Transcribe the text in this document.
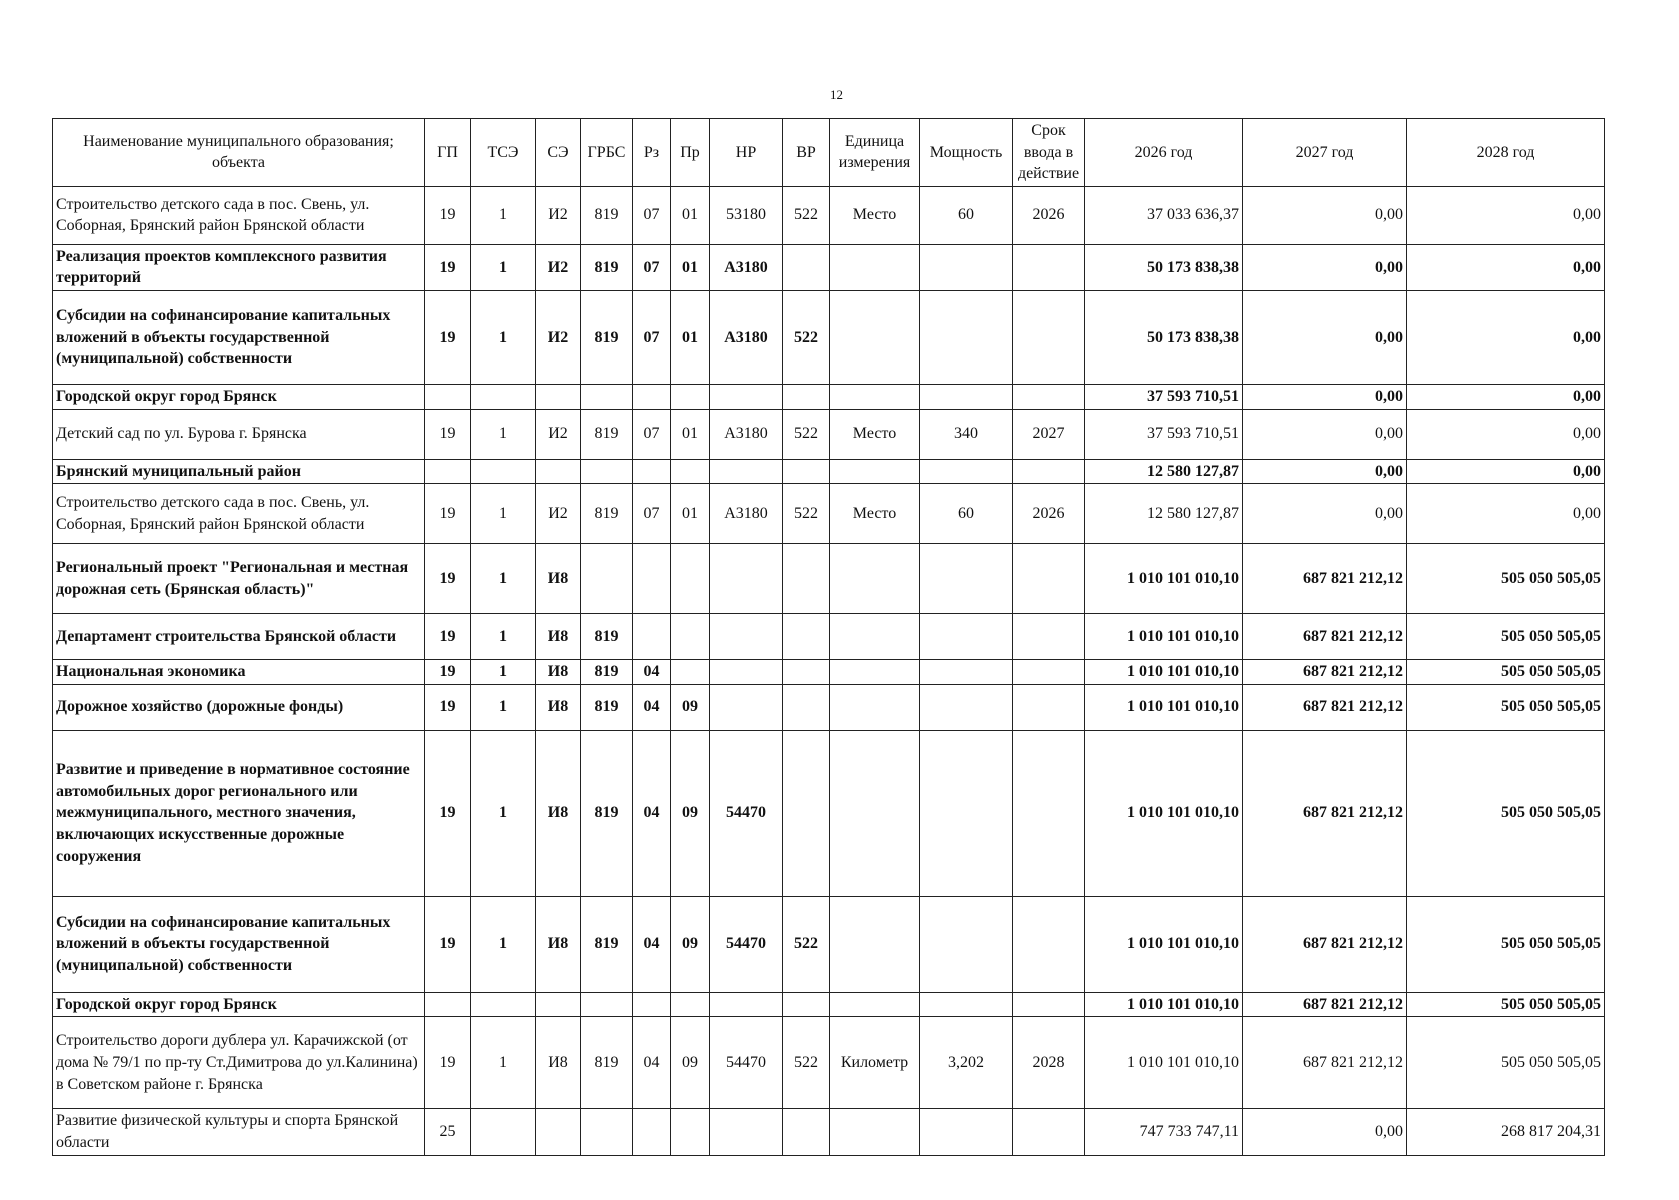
12
Наименование муниципального образования; объекта	ГП	ТСЭ	СЭ	ГРБС	Рз	Пр	НР	ВР	Единица измерения	Мощность	Срок ввода в действие	2026 год	2027 год	2028 год
Строительство детского сада в пос. Свень, ул. Соборная, Брянский район Брянской области	19	1	И2	819	07	01	53180	522	Место	60	2026	37 033 636,37	0,00	0,00
Реализация проектов комплексного развития территорий	19	1	И2	819	07	01	А3180					50 173 838,38	0,00	0,00
Субсидии на софинансирование капитальных вложений в объекты государственной (муниципальной) собственности	19	1	И2	819	07	01	А3180	522				50 173 838,38	0,00	0,00
Городской округ город Брянск												37 593 710,51	0,00	0,00
Детский сад по ул. Бурова г. Брянска	19	1	И2	819	07	01	А3180	522	Место	340	2027	37 593 710,51	0,00	0,00
Брянский муниципальный район												12 580 127,87	0,00	0,00
Строительство детского сада в пос. Свень, ул. Соборная, Брянский район Брянской области	19	1	И2	819	07	01	А3180	522	Место	60	2026	12 580 127,87	0,00	0,00
Региональный проект "Региональная и местная дорожная сеть (Брянская область)"	19	1	И8									1 010 101 010,10	687 821 212,12	505 050 505,05
Департамент строительства Брянской области	19	1	И8	819								1 010 101 010,10	687 821 212,12	505 050 505,05
Национальная экономика	19	1	И8	819	04							1 010 101 010,10	687 821 212,12	505 050 505,05
Дорожное хозяйство (дорожные фонды)	19	1	И8	819	04	09						1 010 101 010,10	687 821 212,12	505 050 505,05
Развитие и приведение в нормативное состояние автомобильных дорог регионального или межмуниципального, местного значения, включающих искусственные дорожные сооружения	19	1	И8	819	04	09	54470					1 010 101 010,10	687 821 212,12	505 050 505,05
Субсидии на софинансирование капитальных вложений в объекты государственной (муниципальной) собственности	19	1	И8	819	04	09	54470	522				1 010 101 010,10	687 821 212,12	505 050 505,05
Городской округ город Брянск												1 010 101 010,10	687 821 212,12	505 050 505,05
Строительство дороги дублера ул. Карачижской (от дома № 79/1 по пр-ту Ст.Димитрова до ул.Калинина) в Советском районе г. Брянска	19	1	И8	819	04	09	54470	522	Километр	3,202	2028	1 010 101 010,10	687 821 212,12	505 050 505,05
Развитие физической культуры и спорта Брянской области	25											747 733 747,11	0,00	268 817 204,31
